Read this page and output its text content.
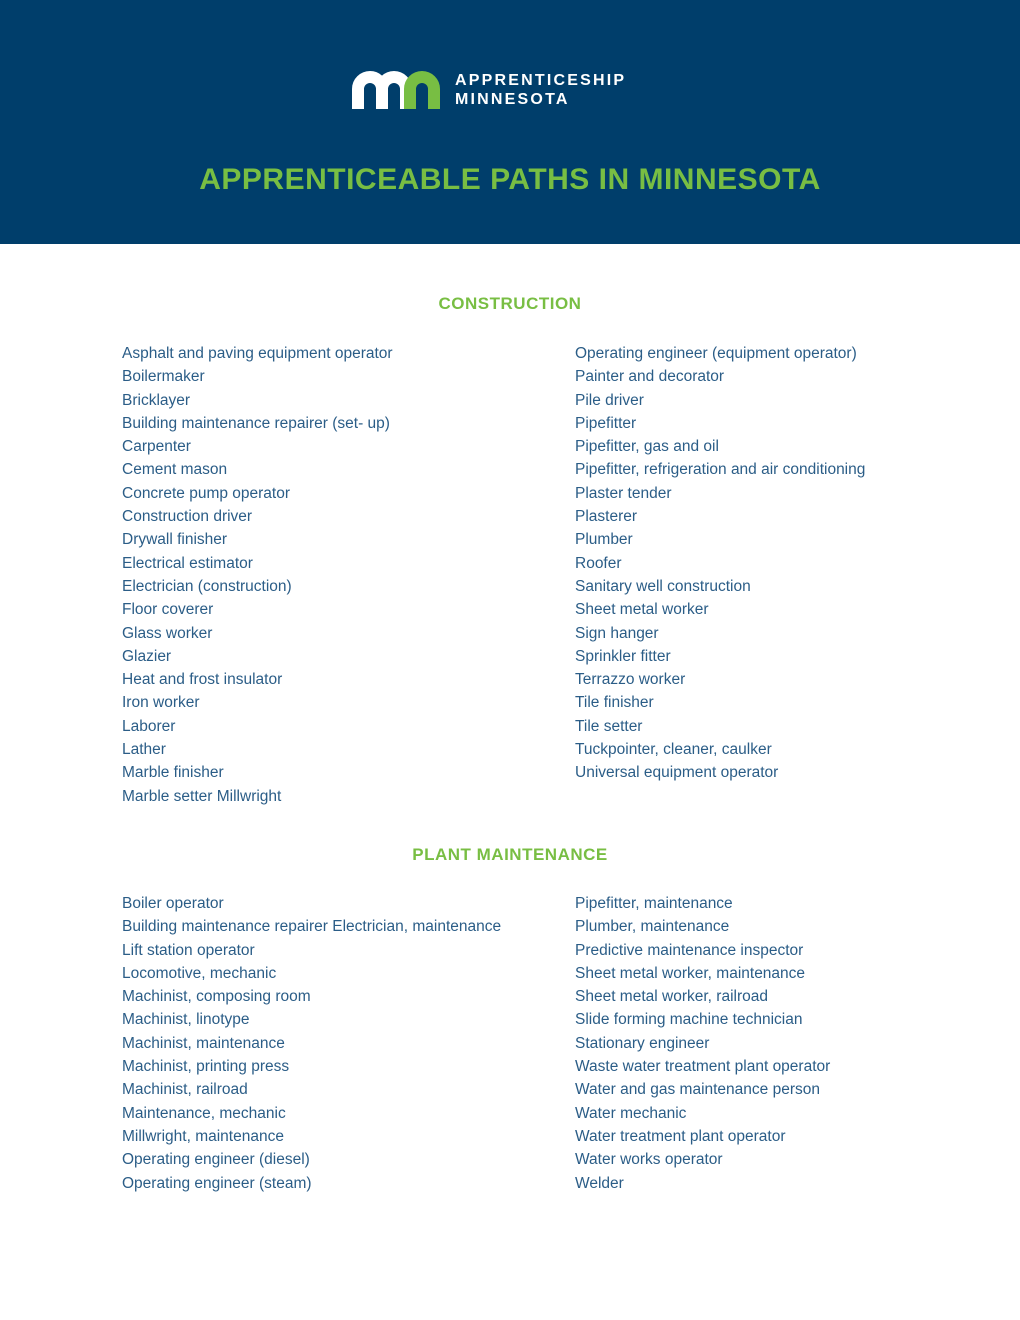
APPRENTICESHIP
MINNESOTA
APPRENTICEABLE PATHS IN MINNESOTA
CONSTRUCTION
Asphalt and paving equipment operator
Boilermaker
Bricklayer
Building maintenance repairer (set- up)
Carpenter
Cement mason
Concrete pump operator
Construction driver
Drywall finisher
Electrical estimator
Electrician (construction)
Floor coverer
Glass worker
Glazier
Heat and frost insulator
Iron worker
Laborer
Lather
Marble finisher
Marble setter Millwright
Operating engineer (equipment operator)
Painter and decorator
Pile driver
Pipefitter
Pipefitter, gas and oil
Pipefitter, refrigeration and air conditioning
Plaster tender
Plasterer
Plumber
Roofer
Sanitary well construction
Sheet metal worker
Sign hanger
Sprinkler fitter
Terrazzo worker
Tile finisher
Tile setter
Tuckpointer, cleaner, caulker
Universal equipment operator
PLANT MAINTENANCE
Boiler operator
Building maintenance repairer Electrician, maintenance
Lift station operator
Locomotive, mechanic
Machinist, composing room
Machinist, linotype
Machinist, maintenance
Machinist, printing press
Machinist, railroad
Maintenance, mechanic
Millwright, maintenance
Operating engineer (diesel)
Operating engineer (steam)
Pipefitter, maintenance
Plumber, maintenance
Predictive maintenance inspector
Sheet metal worker, maintenance
Sheet metal worker, railroad
Slide forming machine technician
Stationary engineer
Waste water treatment plant operator
Water and gas maintenance person
Water mechanic
Water treatment plant operator
Water works operator
Welder
